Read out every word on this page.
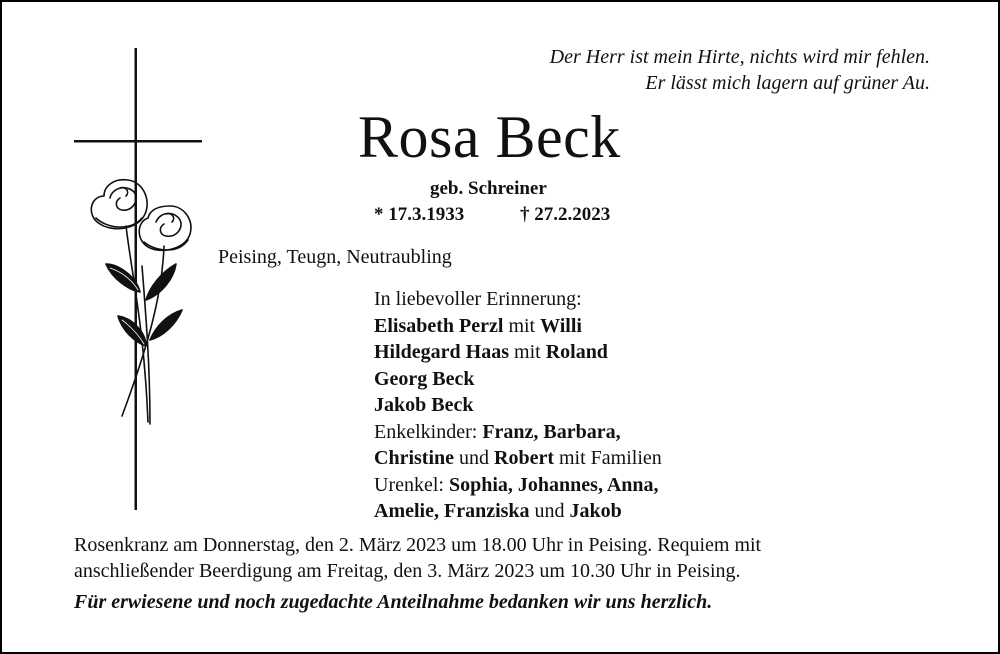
Der Herr ist mein Hirte, nichts wird mir fehlen.
Er lässt mich lagern auf grüner Au.
Rosa Beck
geb. Schreiner
* 17.3.1933	† 27.2.2023
Peising, Teugn, Neutraubling
In liebevoller Erinnerung:
Elisabeth Perzl mit Willi
Hildegard Haas mit Roland
Georg Beck
Jakob Beck
Enkelkinder: Franz, Barbara,
Christine und Robert mit Familien
Urenkel: Sophia, Johannes, Anna,
Amelie, Franziska und Jakob
Rosenkranz am Donnerstag, den 2. März 2023 um 18.00 Uhr in Peising. Requiem mit
anschließender Beerdigung am Freitag, den 3. März 2023 um 10.30 Uhr in Peising.
Für erwiesene und noch zugedachte Anteilnahme bedanken wir uns herzlich.
